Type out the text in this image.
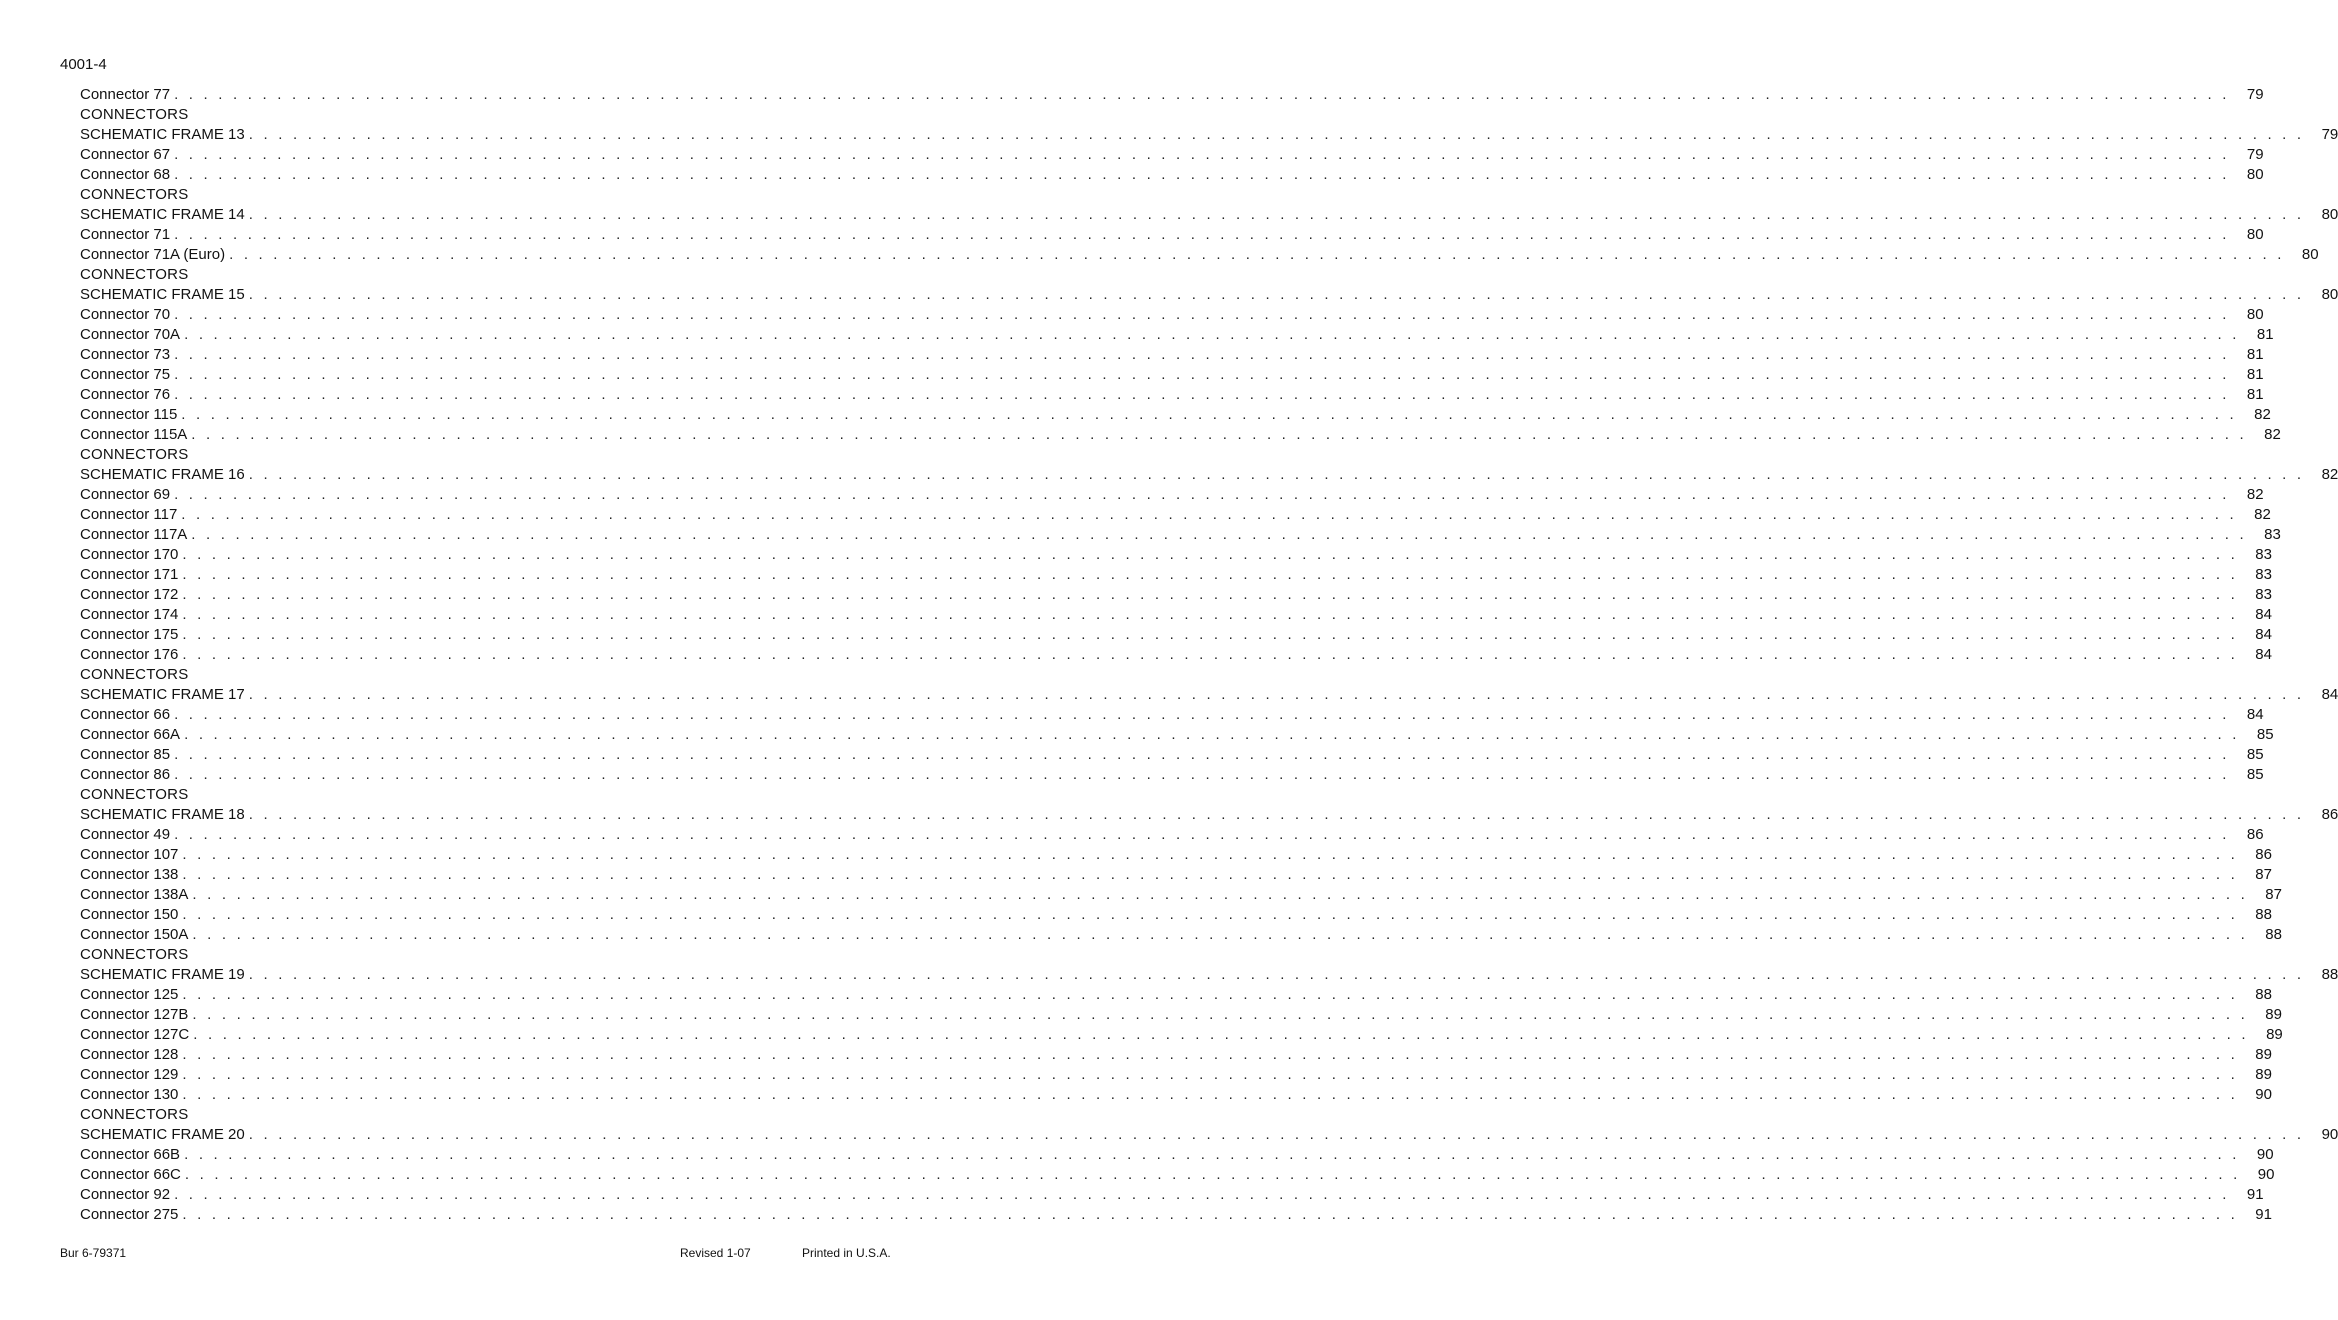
4001-4
Connector 77 . . . . . . . . . . . . . . . . . . . . . . . . . . . . . . . . . . . . . . . . . . . . . . . . . . . . . . . . . . . . . . . . . . . . . . . . . . . . . . . . . . . . . . . . . . . . . . . . . . . . . . . . . . . . . . . . . . . . . . . . . . . . . . . . . . . . . . . . . . . .	79
CONNECTORS
SCHEMATIC FRAME 13 . . . . . . . . . . . . . . . . . . . . . . . . . . . . . . . . . . . . . . . . . . . . . . . . . . . . . . . . . . . . . . . . . . . . . . . . . . . . . . . . . . . . . . . . . . . . . . . . . . . . . . . . . . . . . . . . . . . . . . . . . . . . . . . . . . . . . . . . . . . .	79
Connector 67 . . . . . . . . . . . . . . . . . . . . . . . . . . . . . . . . . . . . . . . . . . . . . . . . . . . . . . . . . . . . . . . . . . . . . . . . . . . . . . . . . . . . . . . . . . . . . . . . . . . . . . . . . . . . . . . . . . . . . . . . . . . . . . . . . . . . . . . . . . . .	79
Connector 68 . . . . . . . . . . . . . . . . . . . . . . . . . . . . . . . . . . . . . . . . . . . . . . . . . . . . . . . . . . . . . . . . . . . . . . . . . . . . . . . . . . . . . . . . . . . . . . . . . . . . . . . . . . . . . . . . . . . . . . . . . . . . . . . . . . . . . . . . . . . .	80
CONNECTORS
SCHEMATIC FRAME 14 . . . . . . . . . . . . . . . . . . . . . . . . . . . . . . . . . . . . . . . . . . . . . . . . . . . . . . . . . . . . . . . . . . . . . . . . . . . . . . . . . . . . . . . . . . . . . . . . . . . . . . . . . . . . . . . . . . . . . . . . . . . . . . . . . . . . . . . . . . . .	80
Connector 71 . . . . . . . . . . . . . . . . . . . . . . . . . . . . . . . . . . . . . . . . . . . . . . . . . . . . . . . . . . . . . . . . . . . . . . . . . . . . . . . . . . . . . . . . . . . . . . . . . . . . . . . . . . . . . . . . . . . . . . . . . . . . . . . . . . . . . . . . . . . .	80
Connector 71A (Euro) . . . . . . . . . . . . . . . . . . . . . . . . . . . . . . . . . . . . . . . . . . . . . . . . . . . . . . . . . . . . . . . . . . . . . . . . . . . . . . . . . . . . . . . . . . . . . . . . . . . . . . . . . . . . . . . . . . . . . . . . . . . . . . . . . . . . . . . . . . . .	80
CONNECTORS
SCHEMATIC FRAME 15 . . . . . . . . . . . . . . . . . . . . . . . . . . . . . . . . . . . . . . . . . . . . . . . . . . . . . . . . . . . . . . . . . . . . . . . . . . . . . . . . . . . . . . . . . . . . . . . . . . . . . . . . . . . . . . . . . . . . . . . . . . . . . . . . . . . . . . . . . . . .	80
Connector 70 . . . . . . . . . . . . . . . . . . . . . . . . . . . . . . . . . . . . . . . . . . . . . . . . . . . . . . . . . . . . . . . . . . . . . . . . . . . . . . . . . . . . . . . . . . . . . . . . . . . . . . . . . . . . . . . . . . . . . . . . . . . . . . . . . . . . . . . . . . . .	80
Connector 70A . . . . . . . . . . . . . . . . . . . . . . . . . . . . . . . . . . . . . . . . . . . . . . . . . . . . . . . . . . . . . . . . . . . . . . . . . . . . . . . . . . . . . . . . . . . . . . . . . . . . . . . . . . . . . . . . . . . . . . . . . . . . . . . . . . . . . . . . . . . .	81
Connector 73 . . . . . . . . . . . . . . . . . . . . . . . . . . . . . . . . . . . . . . . . . . . . . . . . . . . . . . . . . . . . . . . . . . . . . . . . . . . . . . . . . . . . . . . . . . . . . . . . . . . . . . . . . . . . . . . . . . . . . . . . . . . . . . . . . . . . . . . . . . . .	81
Connector 75 . . . . . . . . . . . . . . . . . . . . . . . . . . . . . . . . . . . . . . . . . . . . . . . . . . . . . . . . . . . . . . . . . . . . . . . . . . . . . . . . . . . . . . . . . . . . . . . . . . . . . . . . . . . . . . . . . . . . . . . . . . . . . . . . . . . . . . . . . . . .	81
Connector 76 . . . . . . . . . . . . . . . . . . . . . . . . . . . . . . . . . . . . . . . . . . . . . . . . . . . . . . . . . . . . . . . . . . . . . . . . . . . . . . . . . . . . . . . . . . . . . . . . . . . . . . . . . . . . . . . . . . . . . . . . . . . . . . . . . . . . . . . . . . . .	81
Connector 115 . . . . . . . . . . . . . . . . . . . . . . . . . . . . . . . . . . . . . . . . . . . . . . . . . . . . . . . . . . . . . . . . . . . . . . . . . . . . . . . . . . . . . . . . . . . . . . . . . . . . . . . . . . . . . . . . . . . . . . . . . . . . . . . . . . . . . . . . . . . .	82
Connector 115A . . . . . . . . . . . . . . . . . . . . . . . . . . . . . . . . . . . . . . . . . . . . . . . . . . . . . . . . . . . . . . . . . . . . . . . . . . . . . . . . . . . . . . . . . . . . . . . . . . . . . . . . . . . . . . . . . . . . . . . . . . . . . . . . . . . . . . . . . . . .	82
CONNECTORS
SCHEMATIC FRAME 16 . . . . . . . . . . . . . . . . . . . . . . . . . . . . . . . . . . . . . . . . . . . . . . . . . . . . . . . . . . . . . . . . . . . . . . . . . . . . . . . . . . . . . . . . . . . . . . . . . . . . . . . . . . . . . . . . . . . . . . . . . . . . . . . . . . . . . . . . . . . .	82
Connector 69 . . . . . . . . . . . . . . . . . . . . . . . . . . . . . . . . . . . . . . . . . . . . . . . . . . . . . . . . . . . . . . . . . . . . . . . . . . . . . . . . . . . . . . . . . . . . . . . . . . . . . . . . . . . . . . . . . . . . . . . . . . . . . . . . . . . . . . . . . . . .	82
Connector 117 . . . . . . . . . . . . . . . . . . . . . . . . . . . . . . . . . . . . . . . . . . . . . . . . . . . . . . . . . . . . . . . . . . . . . . . . . . . . . . . . . . . . . . . . . . . . . . . . . . . . . . . . . . . . . . . . . . . . . . . . . . . . . . . . . . . . . . . . . . . .	82
Connector 117A . . . . . . . . . . . . . . . . . . . . . . . . . . . . . . . . . . . . . . . . . . . . . . . . . . . . . . . . . . . . . . . . . . . . . . . . . . . . . . . . . . . . . . . . . . . . . . . . . . . . . . . . . . . . . . . . . . . . . . . . . . . . . . . . . . . . . . . . . . . .	83
Connector 170 . . . . . . . . . . . . . . . . . . . . . . . . . . . . . . . . . . . . . . . . . . . . . . . . . . . . . . . . . . . . . . . . . . . . . . . . . . . . . . . . . . . . . . . . . . . . . . . . . . . . . . . . . . . . . . . . . . . . . . . . . . . . . . . . . . . . . . . . . . . .	83
Connector 171 . . . . . . . . . . . . . . . . . . . . . . . . . . . . . . . . . . . . . . . . . . . . . . . . . . . . . . . . . . . . . . . . . . . . . . . . . . . . . . . . . . . . . . . . . . . . . . . . . . . . . . . . . . . . . . . . . . . . . . . . . . . . . . . . . . . . . . . . . . . .	83
Connector 172 . . . . . . . . . . . . . . . . . . . . . . . . . . . . . . . . . . . . . . . . . . . . . . . . . . . . . . . . . . . . . . . . . . . . . . . . . . . . . . . . . . . . . . . . . . . . . . . . . . . . . . . . . . . . . . . . . . . . . . . . . . . . . . . . . . . . . . . . . . . .	83
Connector 174 . . . . . . . . . . . . . . . . . . . . . . . . . . . . . . . . . . . . . . . . . . . . . . . . . . . . . . . . . . . . . . . . . . . . . . . . . . . . . . . . . . . . . . . . . . . . . . . . . . . . . . . . . . . . . . . . . . . . . . . . . . . . . . . . . . . . . . . . . . . .	84
Connector 175 . . . . . . . . . . . . . . . . . . . . . . . . . . . . . . . . . . . . . . . . . . . . . . . . . . . . . . . . . . . . . . . . . . . . . . . . . . . . . . . . . . . . . . . . . . . . . . . . . . . . . . . . . . . . . . . . . . . . . . . . . . . . . . . . . . . . . . . . . . . .	84
Connector 176 . . . . . . . . . . . . . . . . . . . . . . . . . . . . . . . . . . . . . . . . . . . . . . . . . . . . . . . . . . . . . . . . . . . . . . . . . . . . . . . . . . . . . . . . . . . . . . . . . . . . . . . . . . . . . . . . . . . . . . . . . . . . . . . . . . . . . . . . . . . .	84
CONNECTORS
SCHEMATIC FRAME 17 . . . . . . . . . . . . . . . . . . . . . . . . . . . . . . . . . . . . . . . . . . . . . . . . . . . . . . . . . . . . . . . . . . . . . . . . . . . . . . . . . . . . . . . . . . . . . . . . . . . . . . . . . . . . . . . . . . . . . . . . . . . . . . . . . . . . . . . . . . . .	84
Connector 66 . . . . . . . . . . . . . . . . . . . . . . . . . . . . . . . . . . . . . . . . . . . . . . . . . . . . . . . . . . . . . . . . . . . . . . . . . . . . . . . . . . . . . . . . . . . . . . . . . . . . . . . . . . . . . . . . . . . . . . . . . . . . . . . . . . . . . . . . . . . .	84
Connector 66A . . . . . . . . . . . . . . . . . . . . . . . . . . . . . . . . . . . . . . . . . . . . . . . . . . . . . . . . . . . . . . . . . . . . . . . . . . . . . . . . . . . . . . . . . . . . . . . . . . . . . . . . . . . . . . . . . . . . . . . . . . . . . . . . . . . . . . . . . . . .	85
Connector 85 . . . . . . . . . . . . . . . . . . . . . . . . . . . . . . . . . . . . . . . . . . . . . . . . . . . . . . . . . . . . . . . . . . . . . . . . . . . . . . . . . . . . . . . . . . . . . . . . . . . . . . . . . . . . . . . . . . . . . . . . . . . . . . . . . . . . . . . . . . . .	85
Connector 86 . . . . . . . . . . . . . . . . . . . . . . . . . . . . . . . . . . . . . . . . . . . . . . . . . . . . . . . . . . . . . . . . . . . . . . . . . . . . . . . . . . . . . . . . . . . . . . . . . . . . . . . . . . . . . . . . . . . . . . . . . . . . . . . . . . . . . . . . . . . .	85
CONNECTORS
SCHEMATIC FRAME 18 . . . . . . . . . . . . . . . . . . . . . . . . . . . . . . . . . . . . . . . . . . . . . . . . . . . . . . . . . . . . . . . . . . . . . . . . . . . . . . . . . . . . . . . . . . . . . . . . . . . . . . . . . . . . . . . . . . . . . . . . . . . . . . . . . . . . . . . . . . . .	86
Connector 49 . . . . . . . . . . . . . . . . . . . . . . . . . . . . . . . . . . . . . . . . . . . . . . . . . . . . . . . . . . . . . . . . . . . . . . . . . . . . . . . . . . . . . . . . . . . . . . . . . . . . . . . . . . . . . . . . . . . . . . . . . . . . . . . . . . . . . . . . . . . .	86
Connector 107 . . . . . . . . . . . . . . . . . . . . . . . . . . . . . . . . . . . . . . . . . . . . . . . . . . . . . . . . . . . . . . . . . . . . . . . . . . . . . . . . . . . . . . . . . . . . . . . . . . . . . . . . . . . . . . . . . . . . . . . . . . . . . . . . . . . . . . . . . . . .	86
Connector 138 . . . . . . . . . . . . . . . . . . . . . . . . . . . . . . . . . . . . . . . . . . . . . . . . . . . . . . . . . . . . . . . . . . . . . . . . . . . . . . . . . . . . . . . . . . . . . . . . . . . . . . . . . . . . . . . . . . . . . . . . . . . . . . . . . . . . . . . . . . . .	87
Connector 138A . . . . . . . . . . . . . . . . . . . . . . . . . . . . . . . . . . . . . . . . . . . . . . . . . . . . . . . . . . . . . . . . . . . . . . . . . . . . . . . . . . . . . . . . . . . . . . . . . . . . . . . . . . . . . . . . . . . . . . . . . . . . . . . . . . . . . . . . . . . .	87
Connector 150 . . . . . . . . . . . . . . . . . . . . . . . . . . . . . . . . . . . . . . . . . . . . . . . . . . . . . . . . . . . . . . . . . . . . . . . . . . . . . . . . . . . . . . . . . . . . . . . . . . . . . . . . . . . . . . . . . . . . . . . . . . . . . . . . . . . . . . . . . . . .	88
Connector 150A . . . . . . . . . . . . . . . . . . . . . . . . . . . . . . . . . . . . . . . . . . . . . . . . . . . . . . . . . . . . . . . . . . . . . . . . . . . . . . . . . . . . . . . . . . . . . . . . . . . . . . . . . . . . . . . . . . . . . . . . . . . . . . . . . . . . . . . . . . . .	88
CONNECTORS
SCHEMATIC FRAME 19 . . . . . . . . . . . . . . . . . . . . . . . . . . . . . . . . . . . . . . . . . . . . . . . . . . . . . . . . . . . . . . . . . . . . . . . . . . . . . . . . . . . . . . . . . . . . . . . . . . . . . . . . . . . . . . . . . . . . . . . . . . . . . . . . . . . . . . . . . . . .	88
Connector 125 . . . . . . . . . . . . . . . . . . . . . . . . . . . . . . . . . . . . . . . . . . . . . . . . . . . . . . . . . . . . . . . . . . . . . . . . . . . . . . . . . . . . . . . . . . . . . . . . . . . . . . . . . . . . . . . . . . . . . . . . . . . . . . . . . . . . . . . . . . . .	88
Connector 127B . . . . . . . . . . . . . . . . . . . . . . . . . . . . . . . . . . . . . . . . . . . . . . . . . . . . . . . . . . . . . . . . . . . . . . . . . . . . . . . . . . . . . . . . . . . . . . . . . . . . . . . . . . . . . . . . . . . . . . . . . . . . . . . . . . . . . . . . . . . .	89
Connector 127C . . . . . . . . . . . . . . . . . . . . . . . . . . . . . . . . . . . . . . . . . . . . . . . . . . . . . . . . . . . . . . . . . . . . . . . . . . . . . . . . . . . . . . . . . . . . . . . . . . . . . . . . . . . . . . . . . . . . . . . . . . . . . . . . . . . . . . . . . . . .	89
Connector 128 . . . . . . . . . . . . . . . . . . . . . . . . . . . . . . . . . . . . . . . . . . . . . . . . . . . . . . . . . . . . . . . . . . . . . . . . . . . . . . . . . . . . . . . . . . . . . . . . . . . . . . . . . . . . . . . . . . . . . . . . . . . . . . . . . . . . . . . . . . . .	89
Connector 129 . . . . . . . . . . . . . . . . . . . . . . . . . . . . . . . . . . . . . . . . . . . . . . . . . . . . . . . . . . . . . . . . . . . . . . . . . . . . . . . . . . . . . . . . . . . . . . . . . . . . . . . . . . . . . . . . . . . . . . . . . . . . . . . . . . . . . . . . . . . .	89
Connector 130 . . . . . . . . . . . . . . . . . . . . . . . . . . . . . . . . . . . . . . . . . . . . . . . . . . . . . . . . . . . . . . . . . . . . . . . . . . . . . . . . . . . . . . . . . . . . . . . . . . . . . . . . . . . . . . . . . . . . . . . . . . . . . . . . . . . . . . . . . . . .	90
CONNECTORS
SCHEMATIC FRAME 20 . . . . . . . . . . . . . . . . . . . . . . . . . . . . . . . . . . . . . . . . . . . . . . . . . . . . . . . . . . . . . . . . . . . . . . . . . . . . . . . . . . . . . . . . . . . . . . . . . . . . . . . . . . . . . . . . . . . . . . . . . . . . . . . . . . . . . . . . . . . .	90
Connector 66B . . . . . . . . . . . . . . . . . . . . . . . . . . . . . . . . . . . . . . . . . . . . . . . . . . . . . . . . . . . . . . . . . . . . . . . . . . . . . . . . . . . . . . . . . . . . . . . . . . . . . . . . . . . . . . . . . . . . . . . . . . . . . . . . . . . . . . . . . . . .	90
Connector 66C . . . . . . . . . . . . . . . . . . . . . . . . . . . . . . . . . . . . . . . . . . . . . . . . . . . . . . . . . . . . . . . . . . . . . . . . . . . . . . . . . . . . . . . . . . . . . . . . . . . . . . . . . . . . . . . . . . . . . . . . . . . . . . . . . . . . . . . . . . . .	90
Connector 92 . . . . . . . . . . . . . . . . . . . . . . . . . . . . . . . . . . . . . . . . . . . . . . . . . . . . . . . . . . . . . . . . . . . . . . . . . . . . . . . . . . . . . . . . . . . . . . . . . . . . . . . . . . . . . . . . . . . . . . . . . . . . . . . . . . . . . . . . . . . .	91
Connector 275 . . . . . . . . . . . . . . . . . . . . . . . . . . . . . . . . . . . . . . . . . . . . . . . . . . . . . . . . . . . . . . . . . . . . . . . . . . . . . . . . . . . . . . . . . . . . . . . . . . . . . . . . . . . . . . . . . . . . . . . . . . . . . . . . . . . . . . . . . . . .	91
Bur 6-79371	Revised 1-07	Printed in U.S.A.
